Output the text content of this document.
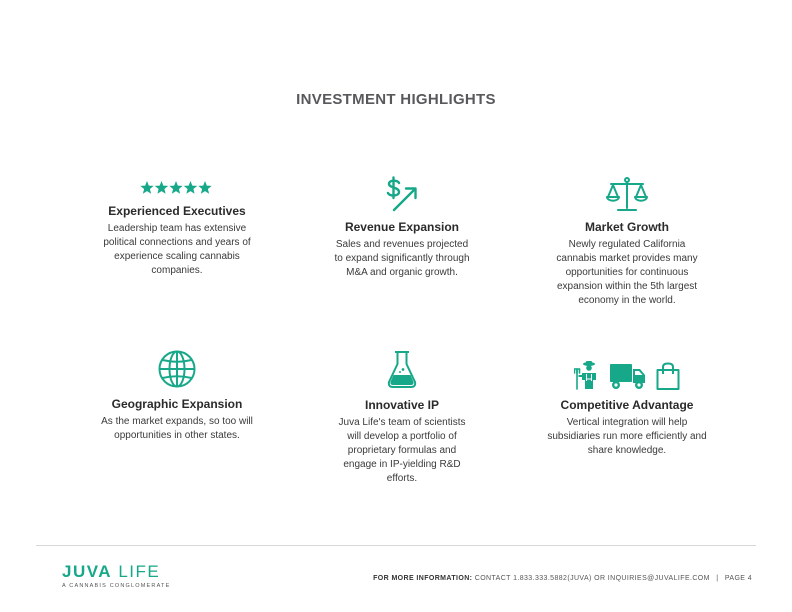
INVESTMENT HIGHLIGHTS
Experienced Executives
Leadership team has extensive political connections and years of experience scaling cannabis companies.
Revenue Expansion
Sales and revenues projected to expand significantly through M&A and organic growth.
Market Growth
Newly regulated California cannabis market provides many opportunities for continuous expansion within the 5th largest economy in the world.
Geographic Expansion
As the market expands, so too will opportunities in other states.
Innovative IP
Juva Life's team of scientists will develop a portfolio of proprietary formulas and engage in IP-yielding R&D efforts.
Competitive Advantage
Vertical integration will help subsidiaries run more efficiently and share knowledge.
JUVA LIFE
A CANNABIS CONGLOMERATE
FOR MORE INFORMATION: CONTACT 1.833.333.5882(JUVA) OR INQUIRIES@JUVALIFE.COM | PAGE 4
